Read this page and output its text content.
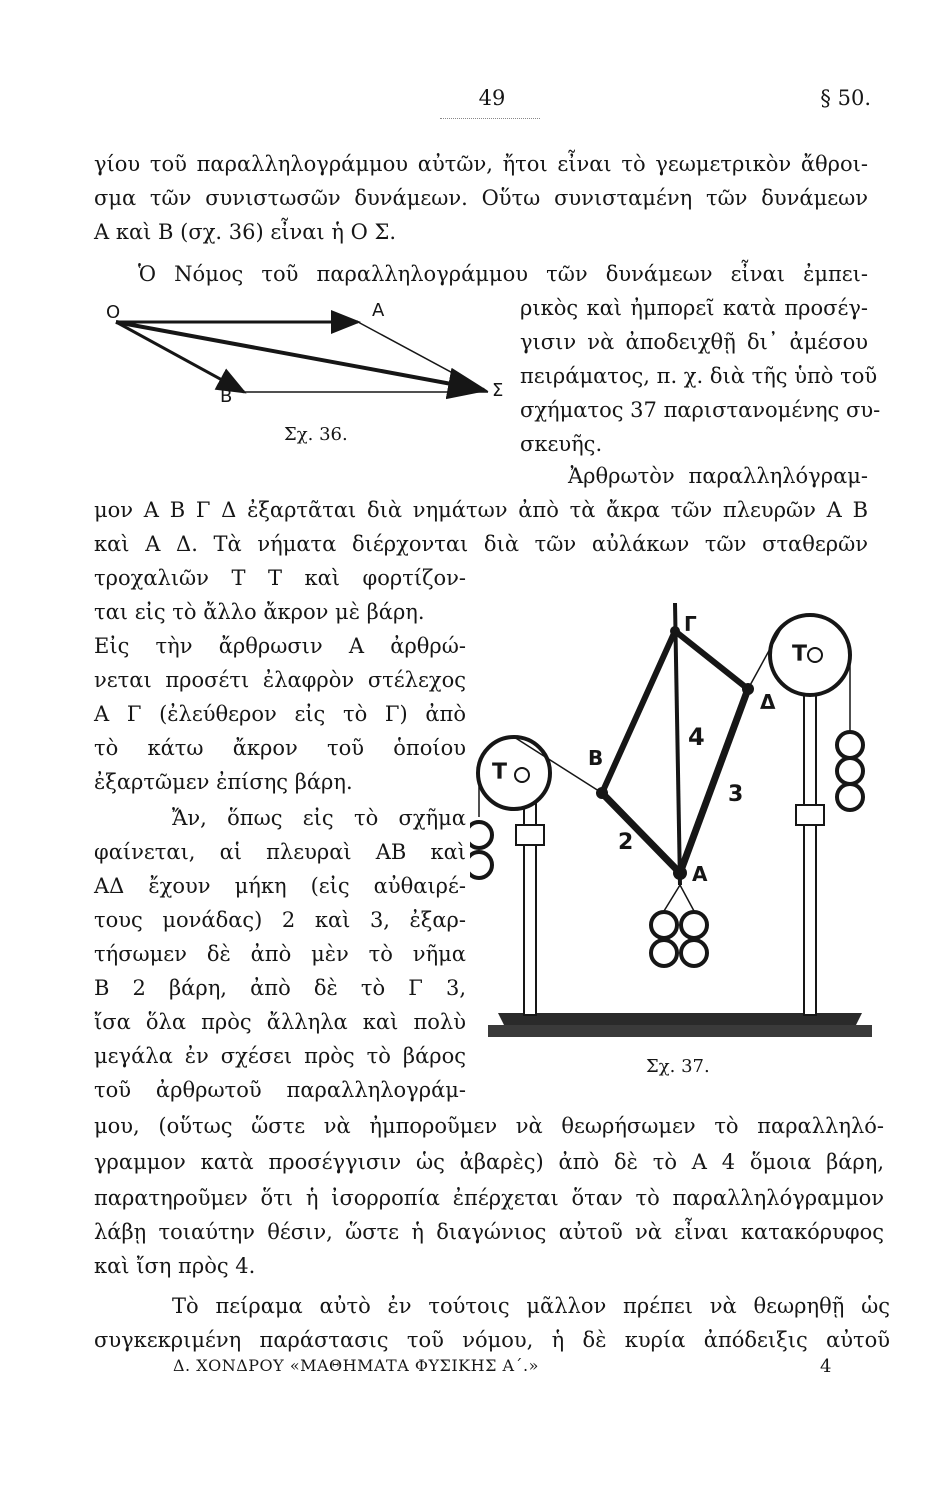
49	§ 50.
γίου τοῦ παραλληλογράμμου αὐτῶν, ἤτοι εἶναι τὸ γεωμετρικὸν ἄθροι-
σμα τῶν συνιστωσῶν δυνάμεων. Οὕτω συνισταμένη τῶν δυνάμεων
Α καὶ Β (σχ. 36) εἶναι ἡ Ο Σ.
Ὁ Νόμος τοῦ παραλληλογράμμου τῶν δυνάμεων εἶναι ἐμπει-
ρικὸς καὶ ἠμπορεῖ κατὰ προσέγ-
γισιν νὰ ἀποδειχθῇ δι᾿ ἀμέσου
πειράματος, π. χ. διὰ τῆς ὑπὸ τοῦ
σχήματος 37 παριστανομένης συ-
σκευῆς.
Ο	Α
Β	Σ
Σχ. 36.
Ἀρθρωτὸν παραλληλόγραμ-
μον Α Β Γ Δ ἐξαρτᾶται διὰ νημάτων ἀπὸ τὰ ἄκρα τῶν πλευρῶν Α Β
καὶ Α Δ. Τὰ νήματα διέρχονται διὰ τῶν αὐλάκων τῶν σταθερῶν
τροχαλιῶν Τ Τ καὶ φορτίζον-
ται εἰς τὸ ἄλλο ἄκρον μὲ βάρη.
Εἰς τὴν ἄρθρωσιν Α ἀρθρώ-
νεται προσέτι ἐλαφρὸν στέλεχος
Α Γ (ἐλεύθερον εἰς τὸ Γ) ἀπὸ
τὸ κάτω ἄκρον τοῦ ὁποίου
ἐξαρτῶμεν ἐπίσης βάρη.
Ἄν, ὅπως εἰς τὸ σχῆμα
φαίνεται, αἱ πλευραὶ ΑΒ καὶ
ΑΔ ἔχουν μήκη (εἰς αὐθαιρέ-
τους μονάδας) 2 καὶ 3, ἐξαρ-
τήσωμεν δὲ ἀπὸ μὲν τὸ νῆμα
Β 2 βάρη, ἀπὸ δὲ τὸ Γ 3,
ἴσα ὅλα πρὸς ἄλληλα καὶ πολὺ
μεγάλα ἐν σχέσει πρὸς τὸ βάρος
τοῦ ἀρθρωτοῦ παραλληλογράμ-
μου, (οὕτως ὥστε νὰ ἠμποροῦμεν νὰ θεωρήσωμεν τὸ παραλληλό-
γραμμον κατὰ προσέγγισιν ὡς ἀβαρὲς) ἀπὸ δὲ τὸ Α 4 ὅμοια βάρη,
παρατηροῦμεν ὅτι ἡ ἰσορροπία ἐπέρχεται ὅταν τὸ παραλληλόγραμμον
λάβῃ τοιαύτην θέσιν, ὥστε ἡ διαγώνιος αὐτοῦ νὰ εἶναι κατακόρυφος
καὶ ἴση πρὸς 4.
Τὸ πείραμα αὐτὸ ἐν τούτοις μᾶλλον πρέπει νὰ θεωρηθῇ ὡς
συγκεκριμένη παράστασις τοῦ νόμου, ἡ δὲ κυρία ἀπόδειξις αὐτοῦ
Τ
Τ
Γ
Β
Δ
Α
4
3
2
Σχ. 37.
Δ. ΧΟΝΔΡΟΥ «ΜΑΘΗΜΑΤΑ ΦΥΣΙΚΗΣ Α΄.»	4
